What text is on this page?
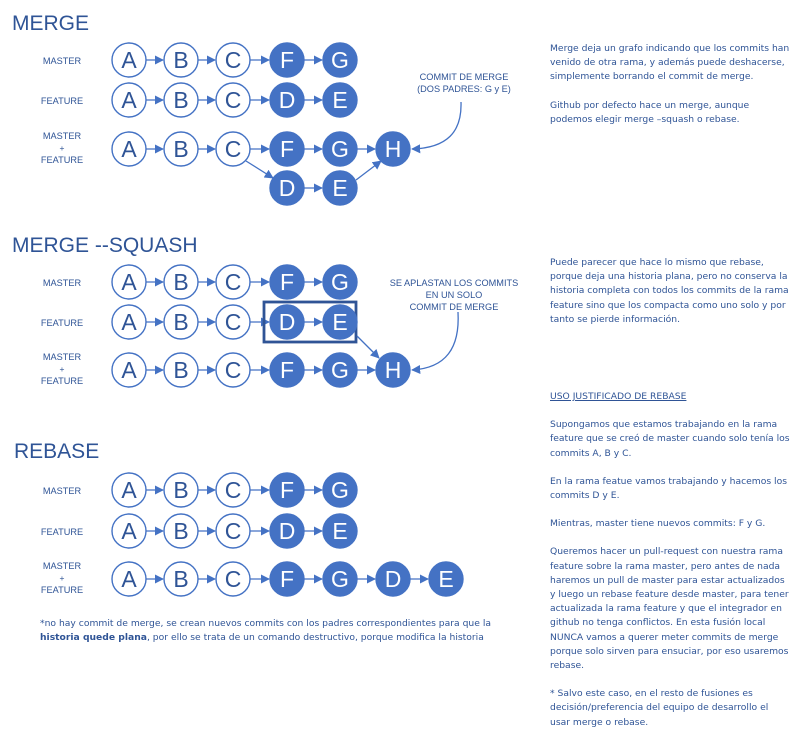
A B C F G
A B C D E
A B C F G H
D E
A B C F G
A B C D E
A B C F G H
A B C F G
A B C D E
A B C F G D E
MERGE
MASTER
FEATURE
MASTER
+
FEATURE
COMMIT DE MERGE
(DOS PADRES: G y E)
MERGE --SQUASH
MASTER
FEATURE
MASTER
+
FEATURE
SE APLASTAN LOS COMMITS
EN UN SOLO
COMMIT DE MERGE
REBASE
MASTER
FEATURE
MASTER
+
FEATURE

Merge deja un grafo indicando que los commits han venido de otra rama, y además puede deshacerse, simplemente borrando el commit de merge.

Github por defecto hace un merge, aunque podemos elegir merge –squash o rebase.

Puede parecer que hace lo mismo que rebase, porque deja una historia plana, pero no conserva la historia completa con todos los commits de la rama feature sino que los compacta como uno solo y por tanto se pierde información.

USO JUSTIFICADO DE REBASE

Supongamos que estamos trabajando en la rama feature que se creó de master cuando solo tenía los commits A, B y C.

En la rama featue vamos trabajando y hacemos los commits D y E.

Mientras, master tiene nuevos commits: F y G.

Queremos hacer un pull-request con nuestra rama feature sobre la rama master, pero antes de nada haremos un pull de master para estar actualizados y luego un rebase feature desde master, para tener actualizada la rama feature y que el integrador en github no tenga conflictos. En esta fusión local NUNCA vamos a querer meter commits de merge porque solo sirven para ensuciar, por eso usaremos rebase.

* Salvo este caso, en el resto de fusiones es decisión/preferencia del equipo de desarrollo el usar merge o rebase.

*no hay commit de merge, se crean nuevos commits con los padres correspondientes para que la historia quede plana, por ello se trata de un comando destructivo, porque modifica la historia
